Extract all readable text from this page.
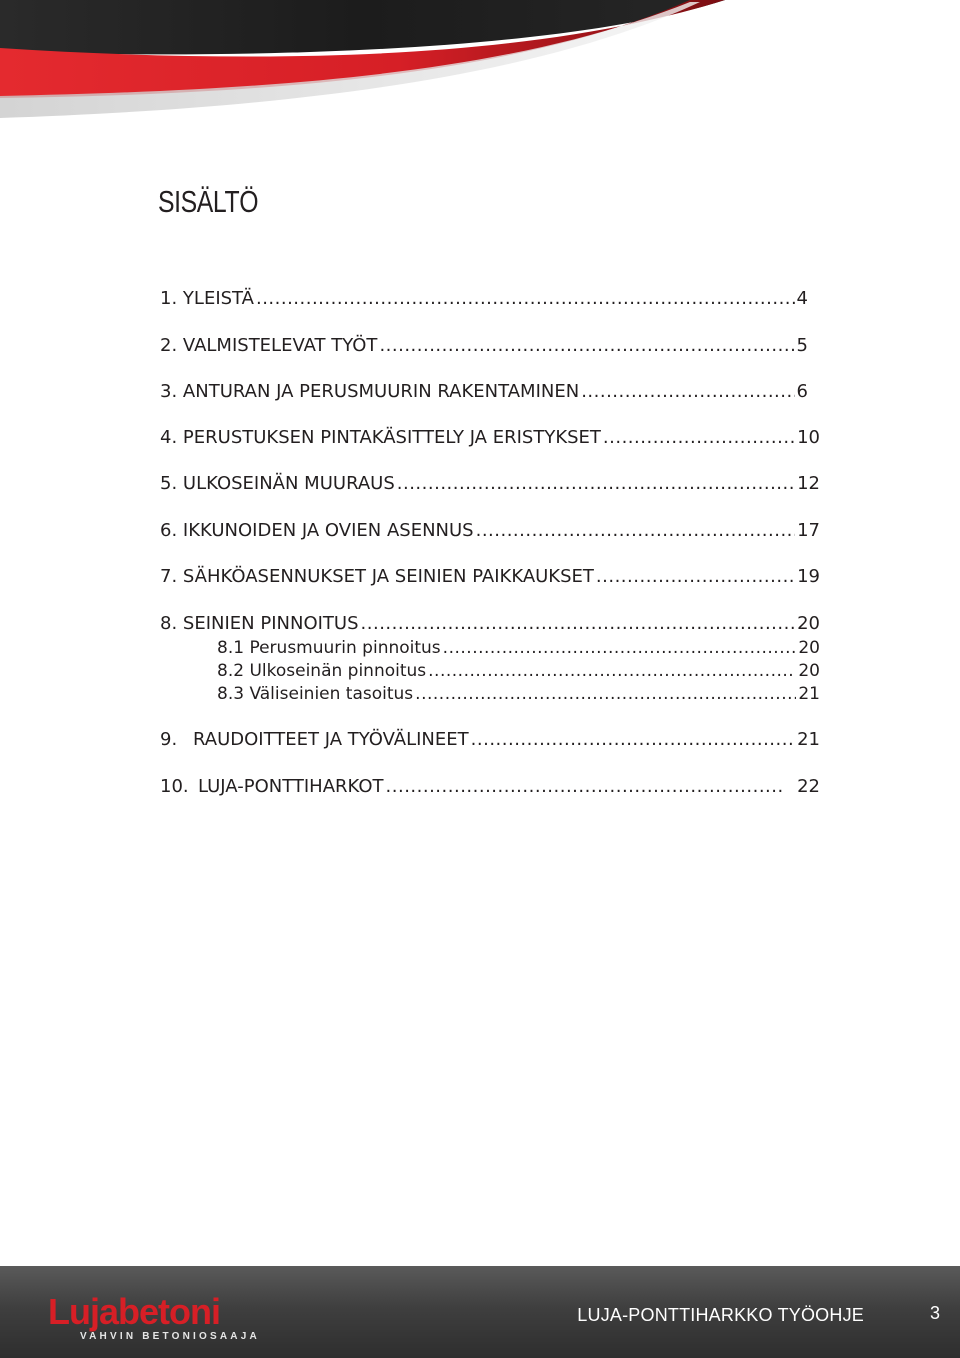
SISÄLTÖ
1.
YLEISTÄ .....	4
2.
VALMISTELEVAT TYÖT .....	5
3.
ANTURAN JA PERUSMUURIN RAKENTAMINEN .....	6
4.
PERUSTUKSEN PINTAKÄSITTELY JA ERISTYKSET .....	10
5.
ULKOSEINÄN MUURAUS .....	12
6.
IKKUNOIDEN JA OVIEN ASENNUS .....	17
7.
SÄHKÖASENNUKSET JA SEINIEN PAIKKAUKSET .....	19
8.
SEINIEN PINNOITUS .....	20
8.1
Perusmuurin pinnoitus .....	20
8.2
Ulkoseinän pinnoitus .....	20
8.3
Väliseinien tasoitus .....	21
9. RAUDOITTEET JA TYÖVÄLINEET .....	21
10. LUJA-PONTTIHARKOT .....	22
Lujabetoni
VAHVIN BETONIOSAAJA
LUJA-PONTTIHARKKO TYÖOHJE	3
